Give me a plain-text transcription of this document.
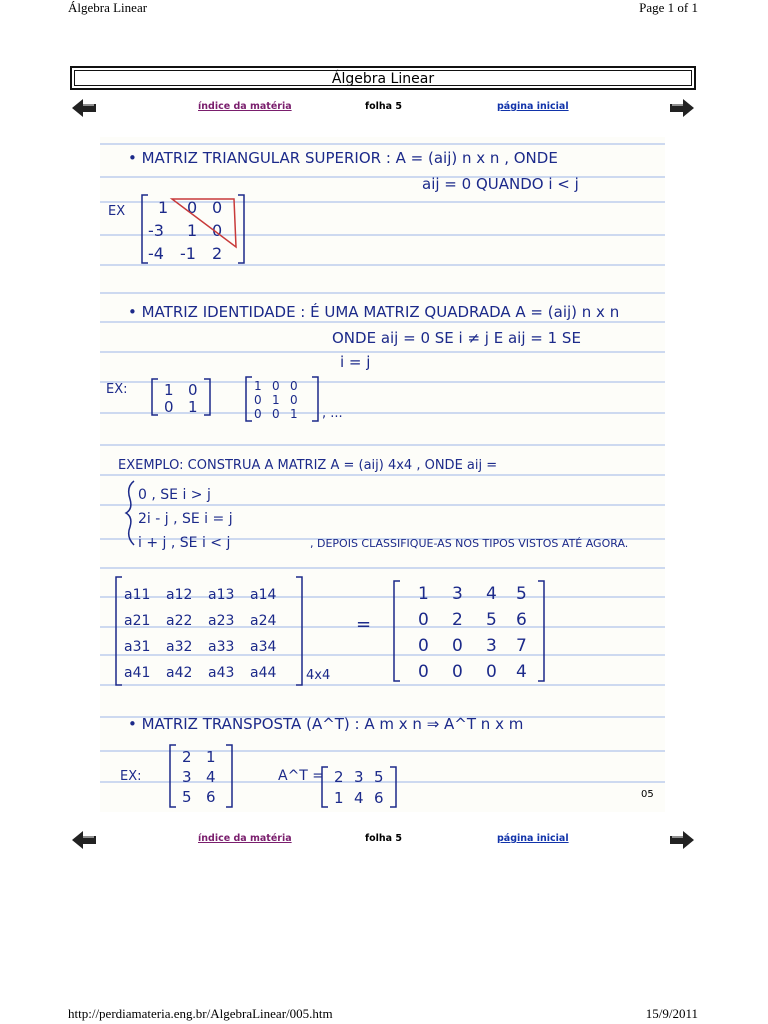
Álgebra Linear	Page 1 of 1
Álgebra Linear
índice da matéria	folha 5	página inicial
• MATRIZ TRIANGULAR SUPERIOR : A = (aij) n x n , ONDE
aij = 0 QUANDO i < j
EX 1 0 0
-3 1 0
-4 -1 2
• MATRIZ IDENTIDADE : É UMA MATRIZ QUADRADA A = (aij) n x n
ONDE aij = 0 SE i ≠ j E aij = 1 SE
i = j
EX: 1 0
0 1
1 0 0
0 1 0
0 0 1 , ...
EXEMPLO: CONSTRUA A MATRIZ A = (aij) 4x4 , ONDE aij =
0 , SE i > j
2i - j , SE i = j
i + j , SE i < j	, DEPOIS CLASSIFIQUE-AS NOS TIPOS VISTOS ATÉ AGORA.
a11 a12 a13 a14
a21 a22 a23 a24
a31 a32 a33 a34
a41 a42 a43 a44 4x4
=
1 3 4 5
0 2 5 6
0 0 3 7
0 0 0 4
• MATRIZ TRANSPOSTA (A^T) : A m x n ⇒ A^T n x m
EX:
2 1
3 4
5 6
A^T = 2 3 5
1 4 6	05
índice da matéria	folha 5	página inicial
http://perdiamateria.eng.br/AlgebraLinear/005.htm	15/9/2011
